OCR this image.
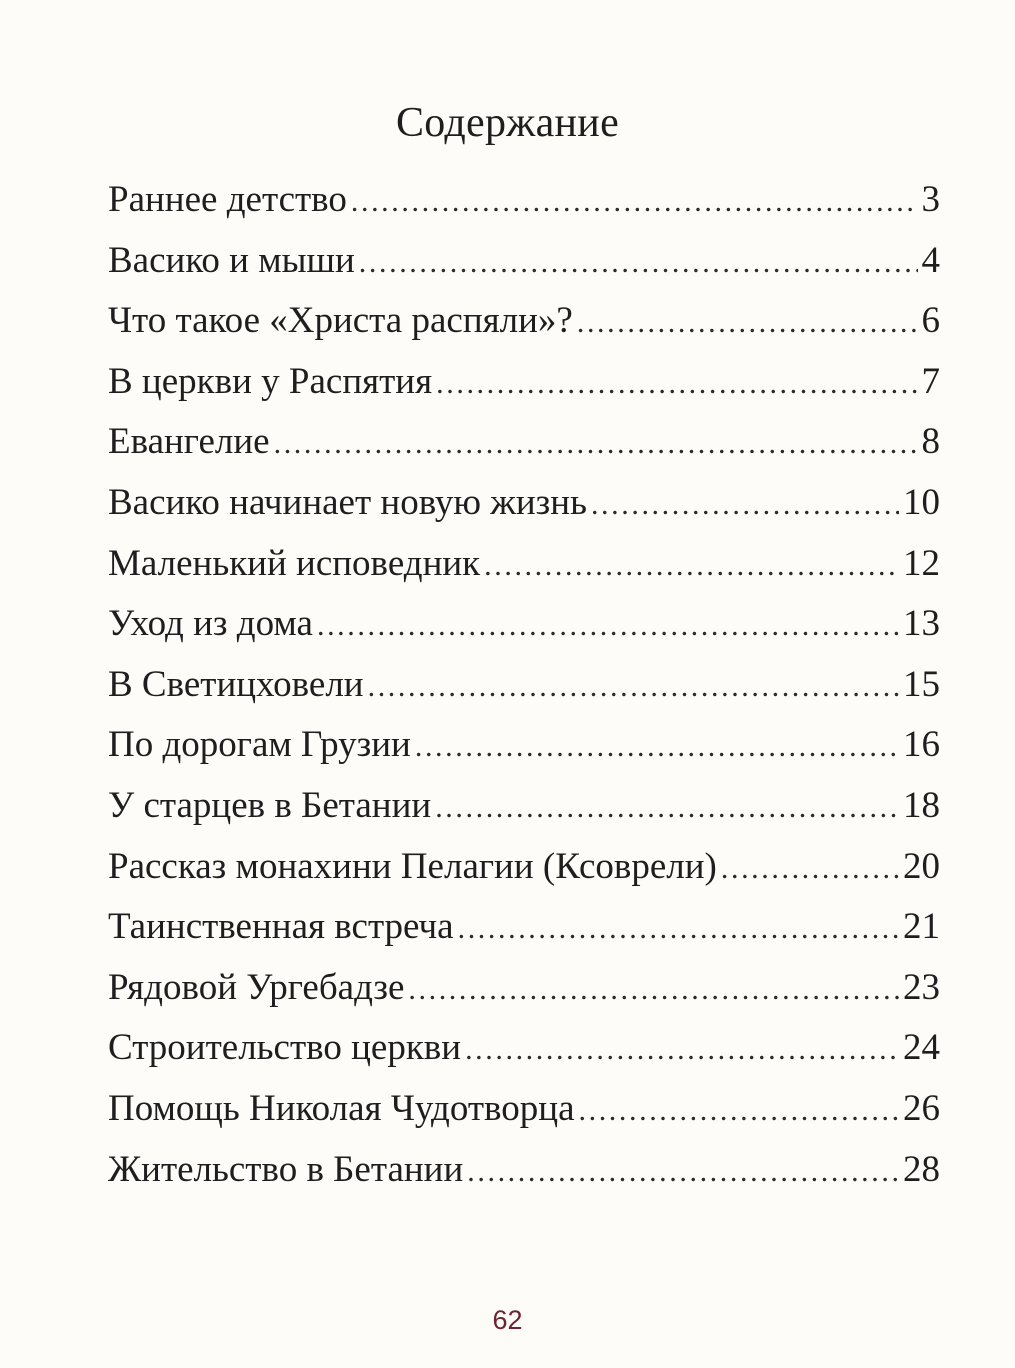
Содержание
Раннее детство .....	3
Васико и мыши .....	4
Что такое «Христа распяли»? .....	6
В церкви у Распятия .....	7
Евангелие .....	8
Васико начинает новую жизнь .....	10
Маленький исповедник .....	12
Уход из дома .....	13
В Светицховели .....	15
По дорогам Грузии .....	16
У старцев в Бетании .....	18
Рассказ монахини Пелагии (Ксоврели) .....	20
Таинственная встреча .....	21
Рядовой Ургебадзе .....	23
Строительство церкви .....	24
Помощь Николая Чудотворца .....	26
Жительство в Бетании .....	28
62
